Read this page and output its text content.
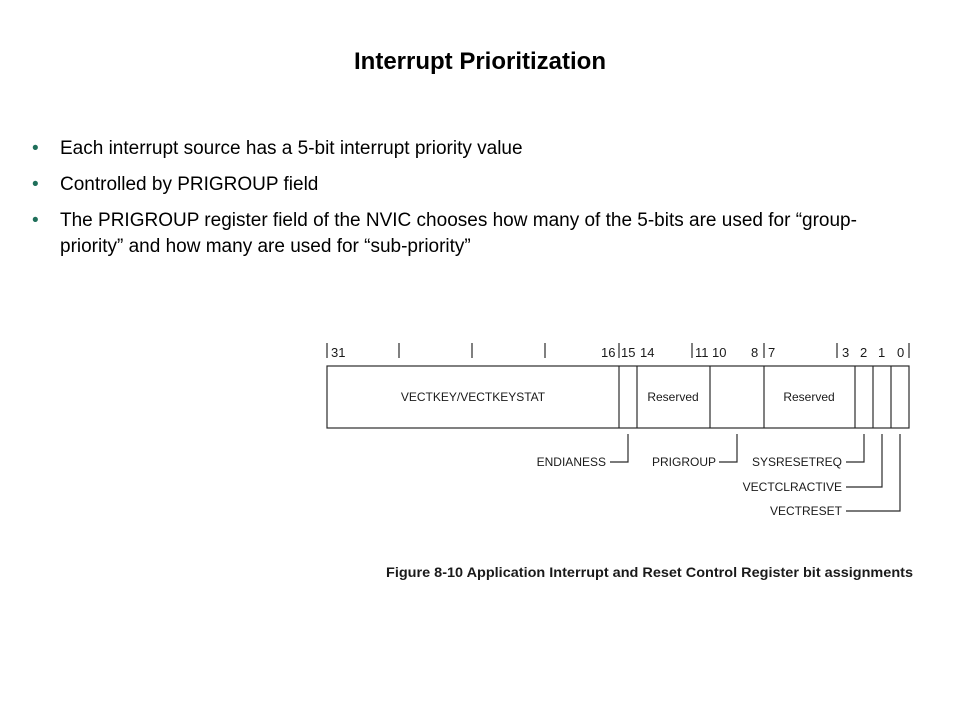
Interrupt Prioritization
• Each interrupt source has a 5-bit interrupt priority value
• Controlled by PRIGROUP field
• The PRIGROUP register field of the NVIC chooses how many of the 5-bits are used for “group-priority” and how many are used for “sub-priority”
31	16 15 14	11 10 8 7	3 2 1 0
VECTKEY/VECTKEYSTAT	Reserved	Reserved
ENDIANESS	PRIGROUP	SYSRESETREQ
VECTCLRACTIVE
VECTRESET
Figure 8-10 Application Interrupt and Reset Control Register bit assignments
